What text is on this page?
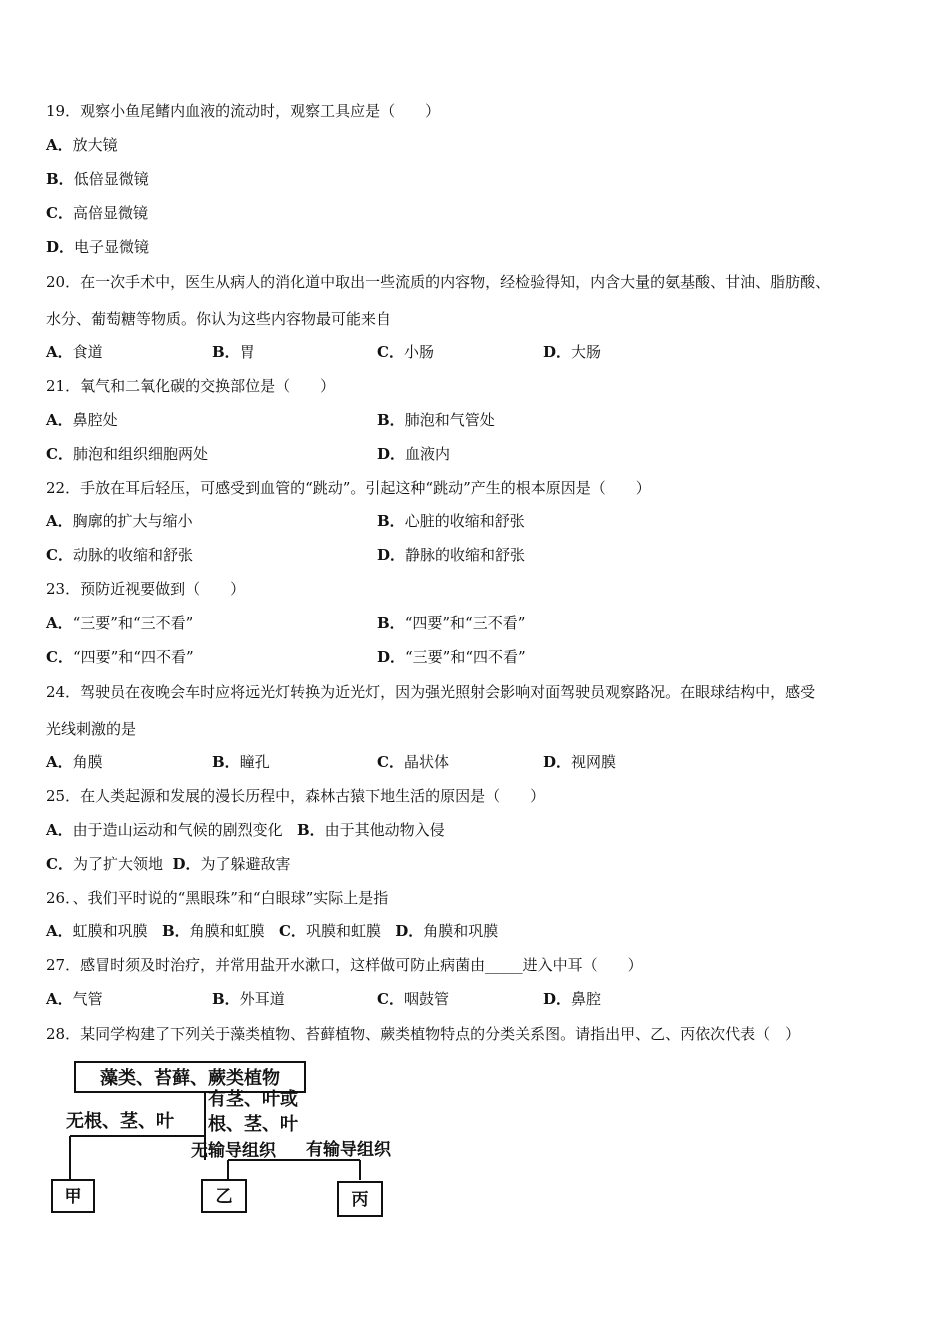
19．观察小鱼尾鳍内血液的流动时，观察工具应是（　　）
A．放大镜
B．低倍显微镜
C．高倍显微镜
D．电子显微镜
20．在一次手术中，医生从病人的消化道中取出一些流质的内容物，经检验得知，内含大量的氨基酸、甘油、脂肪酸、
水分、葡萄糖等物质。你认为这些内容物最可能来自
A．食道	B．胃	C．小肠	D．大肠
21．氧气和二氧化碳的交换部位是（　　）
A．鼻腔处	B．肺泡和气管处
C．肺泡和组织细胞两处	D．血液内
22．手放在耳后轻压，可感受到血管的“跳动”。引起这种“跳动”产生的根本原因是（　　）
A．胸廓的扩大与缩小	B．心脏的收缩和舒张
C．动脉的收缩和舒张	D．静脉的收缩和舒张
23．预防近视要做到（　　）
A．“三要”和“三不看”	B．“四要”和“三不看”
C．“四要”和“四不看”	D．“三要”和“四不看”
24．驾驶员在夜晚会车时应将远光灯转换为近光灯，因为强光照射会影响对面驾驶员观察路况。在眼球结构中，感受
光线刺激的是
A．角膜	B．瞳孔	C．晶状体	D．视网膜
25．在人类起源和发展的漫长历程中，森林古猿下地生活的原因是（　　）
A．由于造山运动和气候的剧烈变化 B．由于其他动物入侵
C．为了扩大领地 D．为了躲避敌害
26．、我们平时说的“黑眼珠”和“白眼球”实际上是指
A．虹膜和巩膜 B．角膜和虹膜 C．巩膜和虹膜 D．角膜和巩膜
27．感冒时须及时治疗，并常用盐开水漱口，这样做可防止病菌由_____进入中耳（　　）
A．气管	B．外耳道	C．咽鼓管	D．鼻腔
28．某同学构建了下列关于藻类植物、苔藓植物、蕨类植物特点的分类关系图。请指出甲、乙、丙依次代表（　）
藻类、苔藓、蕨类植物
无根、茎、叶
有茎、叶或
根、茎、叶
无输导组织 有输导组织
甲	乙	丙
